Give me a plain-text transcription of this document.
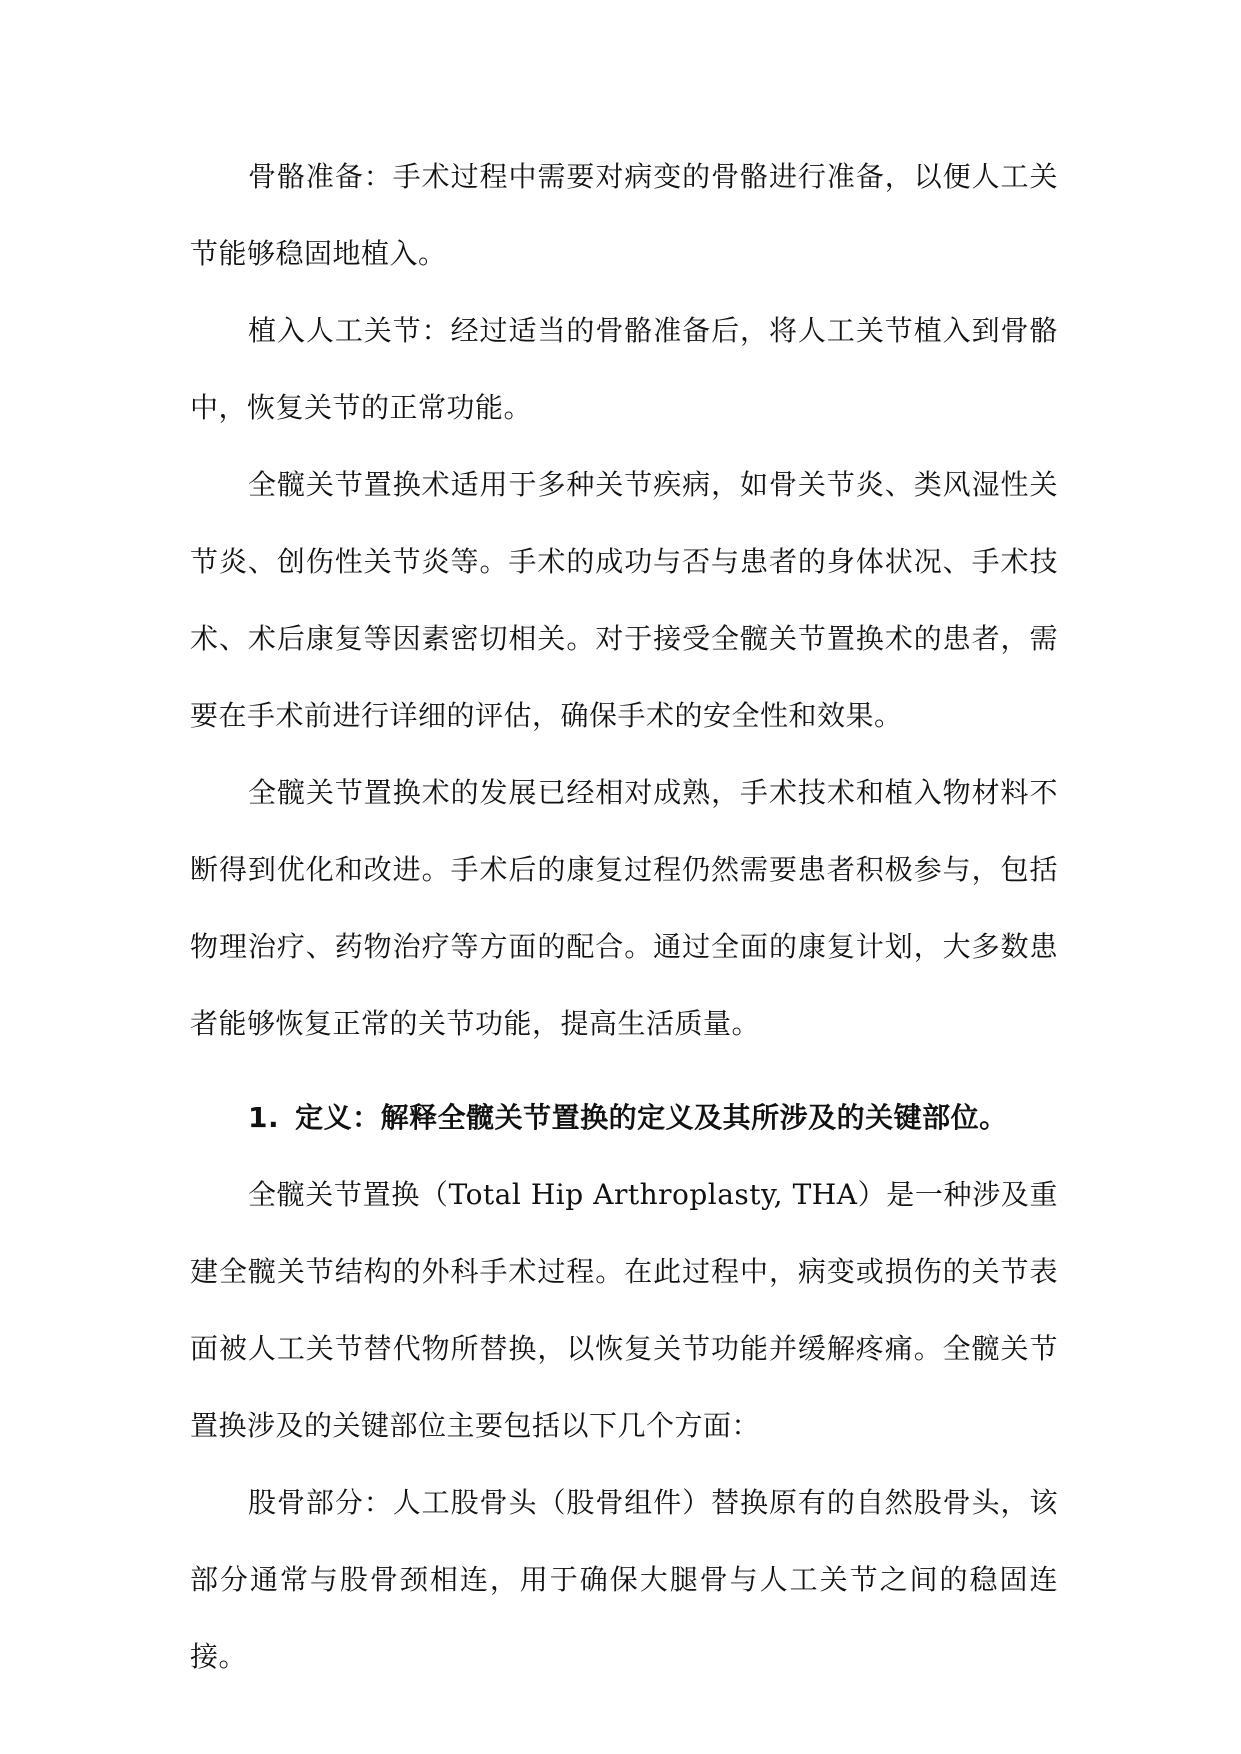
骨骼准备：手术过程中需要对病变的骨骼进行准备，以便人工关节能够稳固地植入。

植入人工关节：经过适当的骨骼准备后，将人工关节植入到骨骼中，恢复关节的正常功能。

全髋关节置换术适用于多种关节疾病，如骨关节炎、类风湿性关节炎、创伤性关节炎等。手术的成功与否与患者的身体状况、手术技术、术后康复等因素密切相关。对于接受全髋关节置换术的患者，需要在手术前进行详细的评估，确保手术的安全性和效果。

全髋关节置换术的发展已经相对成熟，手术技术和植入物材料不断得到优化和改进。手术后的康复过程仍然需要患者积极参与，包括物理治疗、药物治疗等方面的配合。通过全面的康复计划，大多数患者能够恢复正常的关节功能，提高生活质量。

1. 定义：解释全髋关节置换的定义及其所涉及的关键部位。

全髋关节置换（Total Hip Arthroplasty, THA）是一种涉及重建全髋关节结构的外科手术过程。在此过程中，病变或损伤的关节表面被人工关节替代物所替换，以恢复关节功能并缓解疼痛。全髋关节置换涉及的关键部位主要包括以下几个方面：

股骨部分：人工股骨头（股骨组件）替换原有的自然股骨头，该部分通常与股骨颈相连，用于确保大腿骨与人工关节之间的稳固连接。
